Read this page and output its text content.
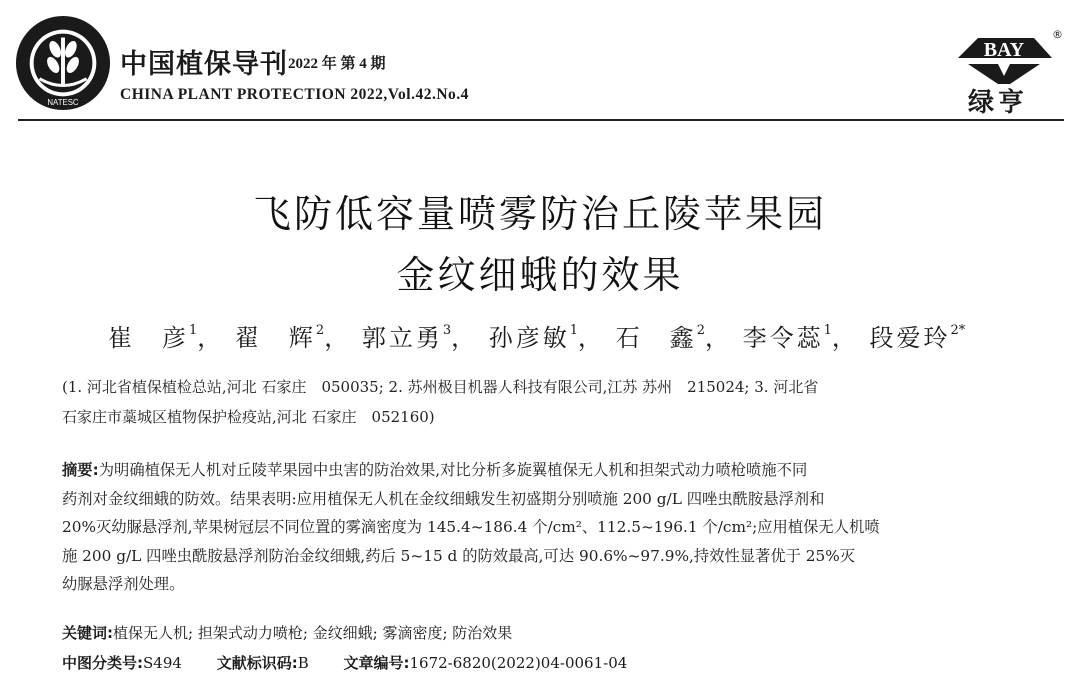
NATESC
中国植保导刊 2022 年 第 4 期
CHINA PLANT PROTECTION 2022,Vol.42.No.4
BAY
®
绿亨
飞防低容量喷雾防治丘陵苹果园
金纹细蛾的效果
崔　彦$^1$， 翟　辉$^2$， 郭立勇$^3$， 孙彦敏$^1$， 石　鑫$^2$， 李令蕊$^1$， 段爱玲$^{2*}$
(1. 河北省植保植检总站,河北 石家庄　050035; 2. 苏州极目机器人科技有限公司,江苏 苏州　215024; 3. 河北省
石家庄市藁城区植物保护检疫站,河北 石家庄　052160)
摘要:为明确植保无人机对丘陵苹果园中虫害的防治效果,对比分析多旋翼植保无人机和担架式动力喷枪喷施不同
药剂对金纹细蛾的防效。结果表明:应用植保无人机在金纹细蛾发生初盛期分别喷施 200 g/L 四唑虫酰胺悬浮剂和
20%灭幼脲悬浮剂,苹果树冠层不同位置的雾滴密度为 145.4~186.4 个/cm²、112.5~196.1 个/cm²;应用植保无人机喷
施 200 g/L 四唑虫酰胺悬浮剂防治金纹细蛾,药后 5~15 d 的防效最高,可达 90.6%~97.9%,持效性显著优于 25%灭
幼脲悬浮剂处理。
关键词:植保无人机; 担架式动力喷枪; 金纹细蛾; 雾滴密度; 防治效果
中图分类号:S494 文献标识码:B 文章编号:1672-6820(2022)04-0061-04
